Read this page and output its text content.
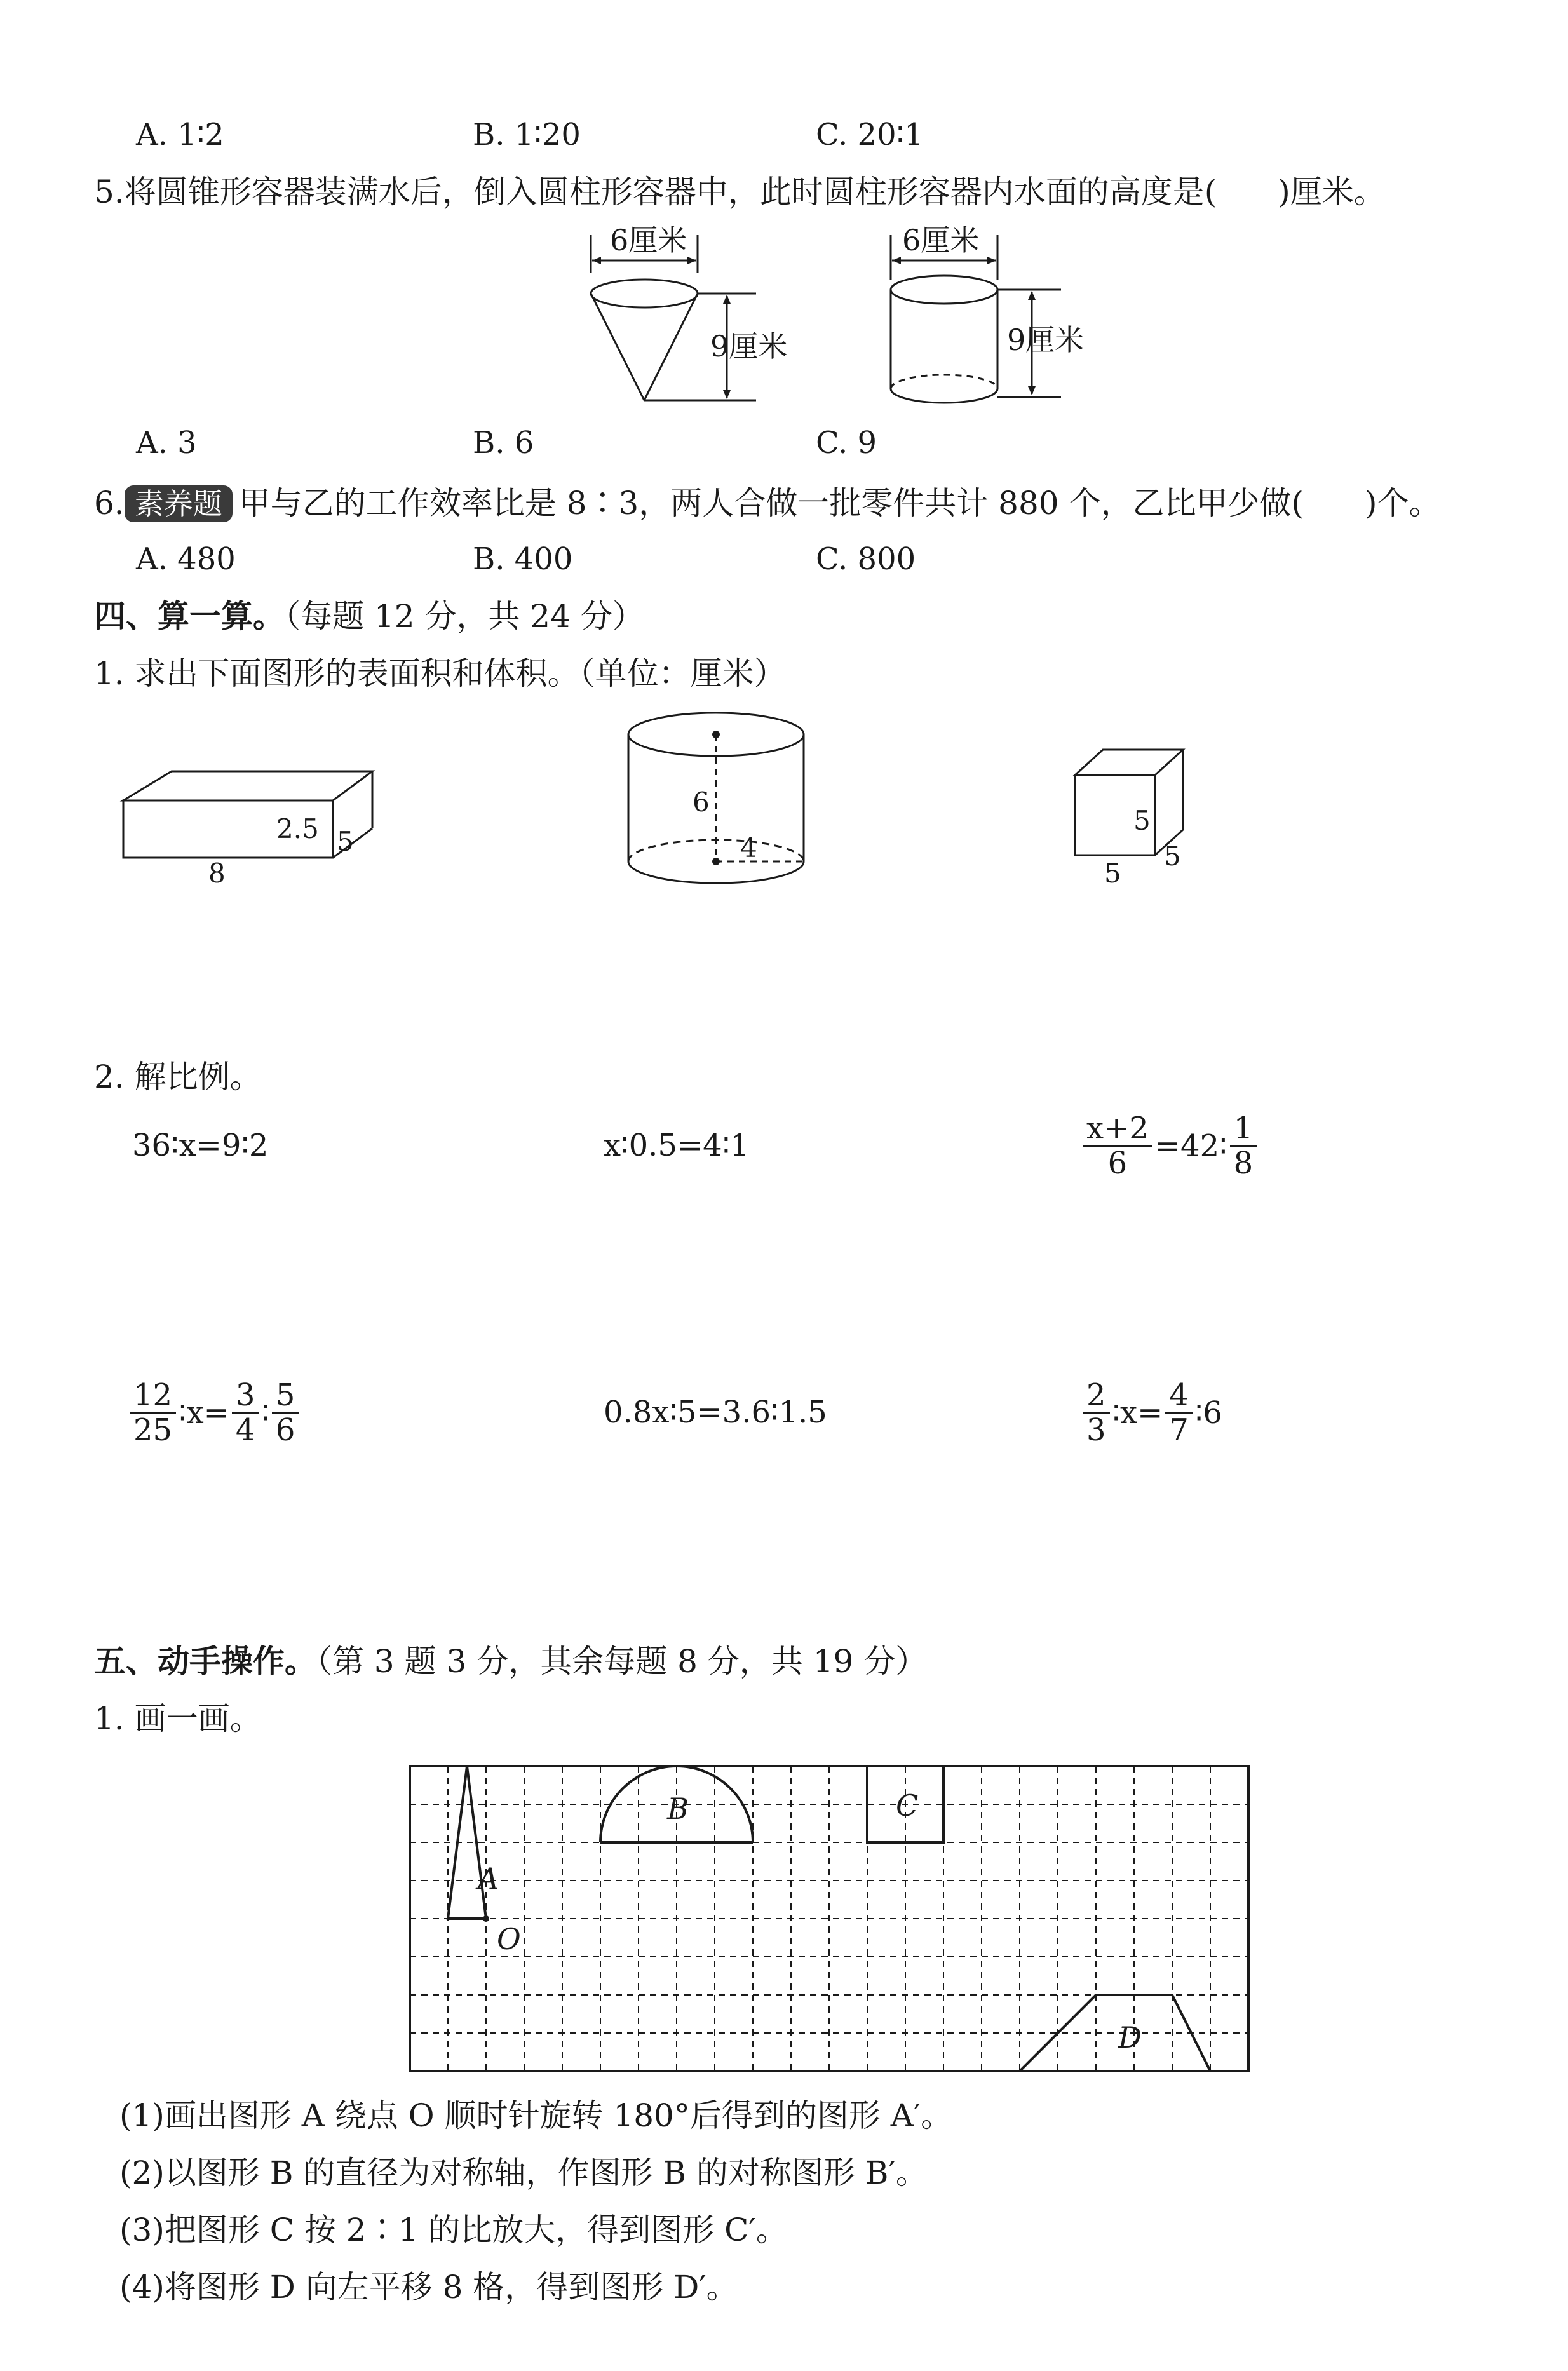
A. 1∶2	B. 1∶20	C. 20∶1
5.将圆锥形容器装满水后，倒入圆柱形容器中，此时圆柱形容器内水面的高度是( )厘米。
6厘米
9厘米
6厘米
9厘米
A. 3	B. 6	C. 9
6. 素养题 甲与乙的工作效率比是 8∶3，两人合做一批零件共计 880 个，乙比甲少做( )个。
A. 480	B. 400	C. 800
四、算一算。（每题 12 分，共 24 分）
1. 求出下面图形的表面积和体积。（单位：厘米）
2.5 5
8
6
4
5
5
5
2. 解比例。
36∶x=9∶2	x∶0.5=4∶1	$\frac{x+2}{6}$ =42∶ $\frac{1}{8}$
$\frac{12}{25}$ ∶x= $\frac{3}{4}$ ∶ $\frac{5}{6}$	0.8x∶5=3.6∶1.5	$\frac{2}{3}$ ∶x= $\frac{4}{7}$ ∶6
五、动手操作。（第 3 题 3 分，其余每题 8 分，共 19 分）
1. 画一画。
A
O
B	C
D
(1)画出图形 A 绕点 O 顺时针旋转 180°后得到的图形 A′。
(2)以图形 B 的直径为对称轴，作图形 B 的对称图形 B′。
(3)把图形 C 按 2∶1 的比放大，得到图形 C′。
(4)将图形 D 向左平移 8 格，得到图形 D′。
